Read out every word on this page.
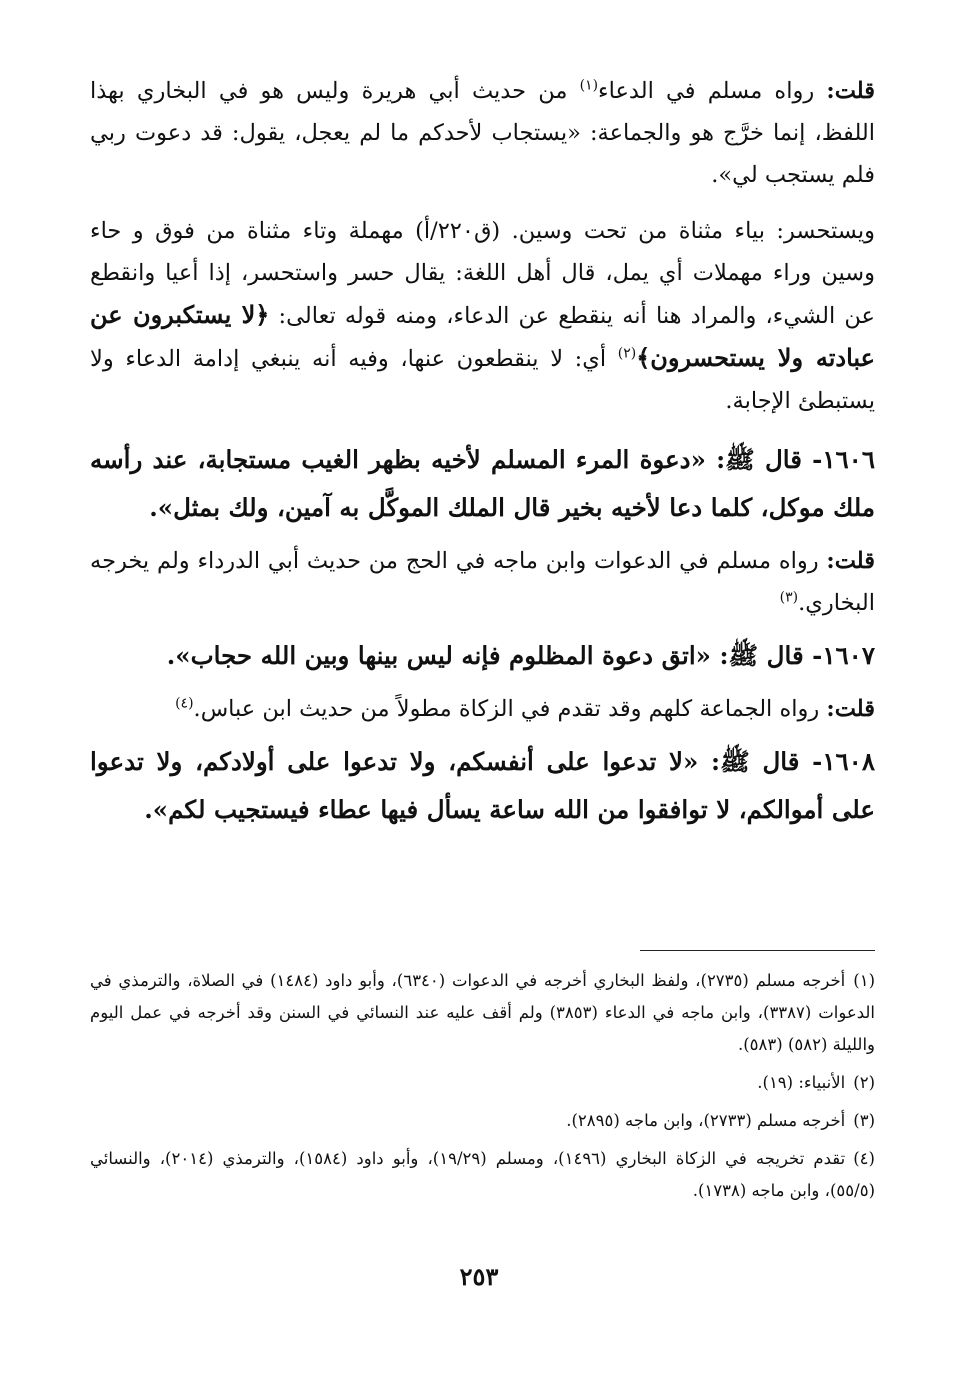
قلت: رواه مسلم في الدعاء$^{(١)}$ من حديث أبي هريرة وليس هو في البخاري بهذا اللفظ، إنما خرَّج هو والجماعة: «يستجاب لأحدكم ما لم يعجل، يقول: قد دعوت ربي فلم يستجب لي».

ويستحسر: بياء مثناة من تحت وسين. (ق٢٢٠/أ) مهملة وتاء مثناة من فوق و حاء وسين وراء مهملات أي يمل، قال أهل اللغة: يقال حسر واستحسر، إذا أعيا وانقطع عن الشيء، والمراد هنا أنه ينقطع عن الدعاء، ومنه قوله تعالى: ﴿لا يستكبرون عن عبادته ولا يستحسرون﴾$^{(٢)}$ أي: لا ينقطعون عنها، وفيه أنه ينبغي إدامة الدعاء ولا يستبطئ الإجابة.

١٦٠٦- قال ﷺ: «دعوة المرء المسلم لأخيه بظهر الغيب مستجابة، عند رأسه ملك موكل، كلما دعا لأخيه بخير قال الملك الموكَّل به آمين، ولك بمثل».

قلت: رواه مسلم في الدعوات وابن ماجه في الحج من حديث أبي الدرداء ولم يخرجه البخاري.$^{(٣)}$

١٦٠٧- قال ﷺ: «اتق دعوة المظلوم فإنه ليس بينها وبين الله حجاب».

قلت: رواه الجماعة كلهم وقد تقدم في الزكاة مطولاً من حديث ابن عباس.$^{(٤)}$

١٦٠٨- قال ﷺ: «لا تدعوا على أنفسكم، ولا تدعوا على أولادكم، ولا تدعوا على أموالكم، لا توافقوا من الله ساعة يسأل فيها عطاء فيستجيب لكم».

(١)أخرجه مسلم (٢٧٣٥)، ولفظ البخاري أخرجه في الدعوات (٦٣٤٠)، وأبو داود (١٤٨٤) في الصلاة، والترمذي في الدعوات (٣٣٨٧)، وابن ماجه في الدعاء (٣٨٥٣) ولم أقف عليه عند النسائي في السنن وقد أخرجه في عمل اليوم والليلة (٥٨٢) (٥٨٣).

(٢)الأنبياء: (١٩).

(٣)أخرجه مسلم (٢٧٣٣)، وابن ماجه (٢٨٩٥).

(٤)تقدم تخريجه في الزكاة البخاري (١٤٩٦)، ومسلم (١٩/٢٩)، وأبو داود (١٥٨٤)، والترمذي (٢٠١٤)، والنسائي (٥٥/٥)، وابن ماجه (١٧٣٨).

٢٥٣
